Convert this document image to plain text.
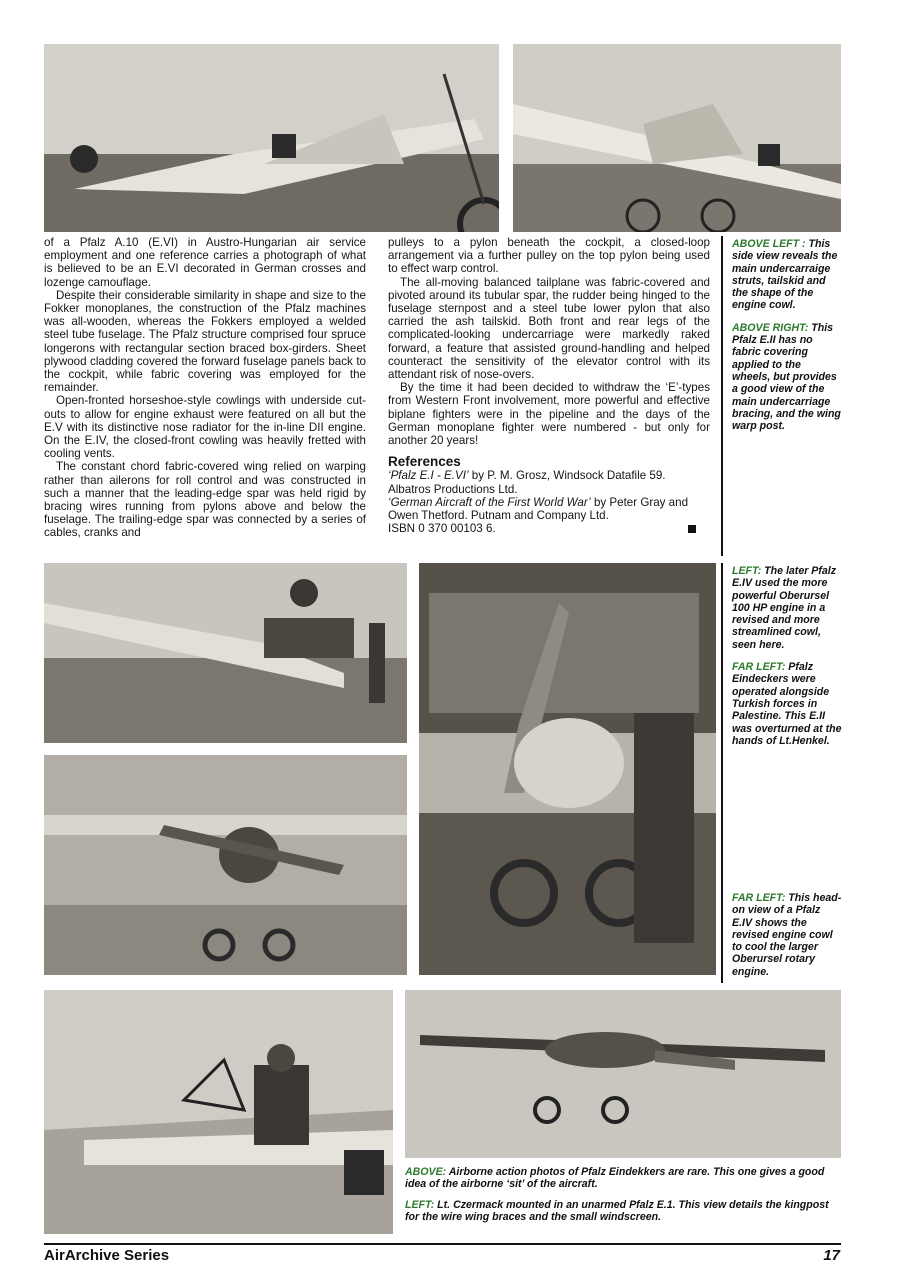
of a Pfalz A.10 (E.VI) in Austro-Hungarian air service employment and one reference carries a photograph of what is believed to be an E.VI decorated in German crosses and lozenge camouflage.

Despite their considerable similarity in shape and size to the Fokker monoplanes, the construction of the Pfalz machines was all-wooden, whereas the Fokkers employed a welded steel tube fuselage. The Pfalz structure comprised four spruce longerons with rectangular section braced box-girders. Sheet plywood cladding covered the forward fuselage panels back to the cockpit, while fabric covering was employed for the remainder.

Open-fronted horseshoe-style cowlings with underside cut-outs to allow for engine exhaust were featured on all but the E.V with its distinctive nose radiator for the in-line DII engine. On the E.IV, the closed-front cowling was heavily fretted with cooling vents.

The constant chord fabric-covered wing relied on warping rather than ailerons for roll control and was constructed in such a manner that the leading-edge spar was held rigid by bracing wires running from pylons above and below the fuselage. The trailing-edge spar was connected by a series of cables, cranks and

pulleys to a pylon beneath the cockpit, a closed-loop arrangement via a further pulley on the top pylon being used to effect warp control.

The all-moving balanced tailplane was fabric-covered and pivoted around its tubular spar, the rudder being hinged to the fuselage sternpost and a steel tube lower pylon that also carried the ash tailskid. Both front and rear legs of the complicated-looking undercarriage were markedly raked forward, a feature that assisted ground-handling and helped counteract the sensitivity of the elevator control with its attendant risk of nose-overs.

By the time it had been decided to withdraw the ‘E’-types from Western Front involvement, more powerful and effective biplane fighters were in the pipeline and the days of the German monoplane fighter were numbered - but only for another 20 years!

References
‘Pfalz E.I - E.VI’ by P. M. Grosz, Windsock Datafile 59. Albatros Productions Ltd.
‘German Aircraft of the First World War’ by Peter Gray and Owen Thetford. Putnam and Company Ltd.
ISBN 0 370 00103 6.

ABOVE LEFT : This side view reveals the main undercarraige struts, tailskid and the shape of the engine cowl.

ABOVE RIGHT: This Pfalz E.II has no fabric covering applied to the wheels, but provides a good view of the main undercarriage bracing, and the wing warp post.

LEFT: The later Pfalz E.IV used the more powerful Oberursel 100 HP engine in a revised and more streamlined cowl, seen here.

FAR LEFT: Pfalz Eindeckers were operated alongside Turkish forces in Palestine. This E.II was overturned at the hands of Lt.Henkel.

FAR LEFT: This head-on view of a Pfalz E.IV shows the revised engine cowl to cool the larger Oberursel rotary engine.

ABOVE: Airborne action photos of Pfalz Eindekkers are rare. This one gives a good idea of the airborne ‘sit’ of the aircraft.

LEFT: Lt. Czermack mounted in an unarmed Pfalz E.1. This view details the kingpost for the wire wing braces and the small windscreen.

AirArchive Series	17
